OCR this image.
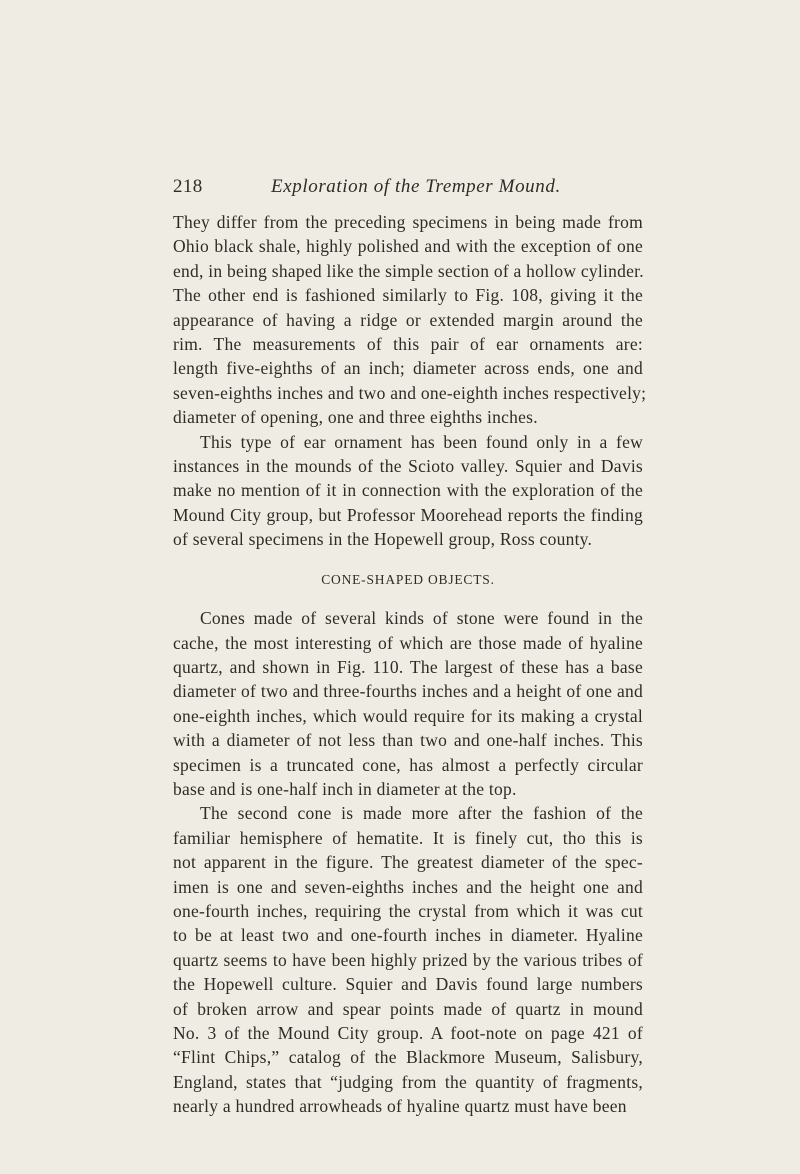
218	Exploration of the Tremper Mound.
They differ from the preceding specimens in being made from
Ohio black shale, highly polished and with the exception of one
end, in being shaped like the simple section of a hollow cylinder.
The other end is fashioned similarly to Fig. 108, giving it the
appearance of having a ridge or extended margin around the
rim. The measurements of this pair of ear ornaments are:
length five-eighths of an inch; diameter across ends, one and
seven-eighths inches and two and one-eighth inches respectively;
diameter of opening, one and three eighths inches.
This type of ear ornament has been found only in a few
instances in the mounds of the Scioto valley. Squier and Davis
make no mention of it in connection with the exploration of the
Mound City group, but Professor Moorehead reports the finding
of several specimens in the Hopewell group, Ross county.
CONE-SHAPED OBJECTS.
Cones made of several kinds of stone were found in the
cache, the most interesting of which are those made of hyaline
quartz, and shown in Fig. 110. The largest of these has a base
diameter of two and three-fourths inches and a height of one and
one-eighth inches, which would require for its making a crystal
with a diameter of not less than two and one-half inches. This
specimen is a truncated cone, has almost a perfectly circular
base and is one-half inch in diameter at the top.
The second cone is made more after the fashion of the
familiar hemisphere of hematite. It is finely cut, tho this is
not apparent in the figure. The greatest diameter of the spec-
imen is one and seven-eighths inches and the height one and
one-fourth inches, requiring the crystal from which it was cut
to be at least two and one-fourth inches in diameter. Hyaline
quartz seems to have been highly prized by the various tribes of
the Hopewell culture. Squier and Davis found large numbers
of broken arrow and spear points made of quartz in mound
No. 3 of the Mound City group. A foot-note on page 421 of
“Flint Chips,” catalog of the Blackmore Museum, Salisbury,
England, states that “judging from the quantity of fragments,
nearly a hundred arrowheads of hyaline quartz must have been
